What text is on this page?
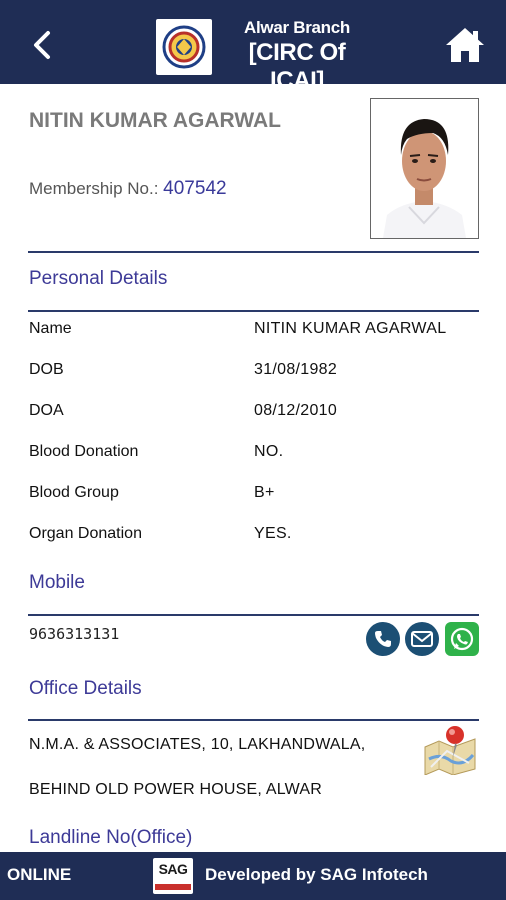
Alwar Branch
[CIRC Of ICAI]
NITIN KUMAR AGARWAL
Membership No.: 407542
Personal Details
Name	NITIN KUMAR AGARWAL
DOB	31/08/1982
DOA	08/12/2010
Blood Donation	NO.
Blood Group	B+
Organ Donation	YES.
Mobile
9636313131
Office Details
N.M.A. & ASSOCIATES, 10, LAKHANDWALA,
BEHIND OLD POWER HOUSE, ALWAR
Landline No(Office)
ONLINE	SAG Developed by SAG Infotech
